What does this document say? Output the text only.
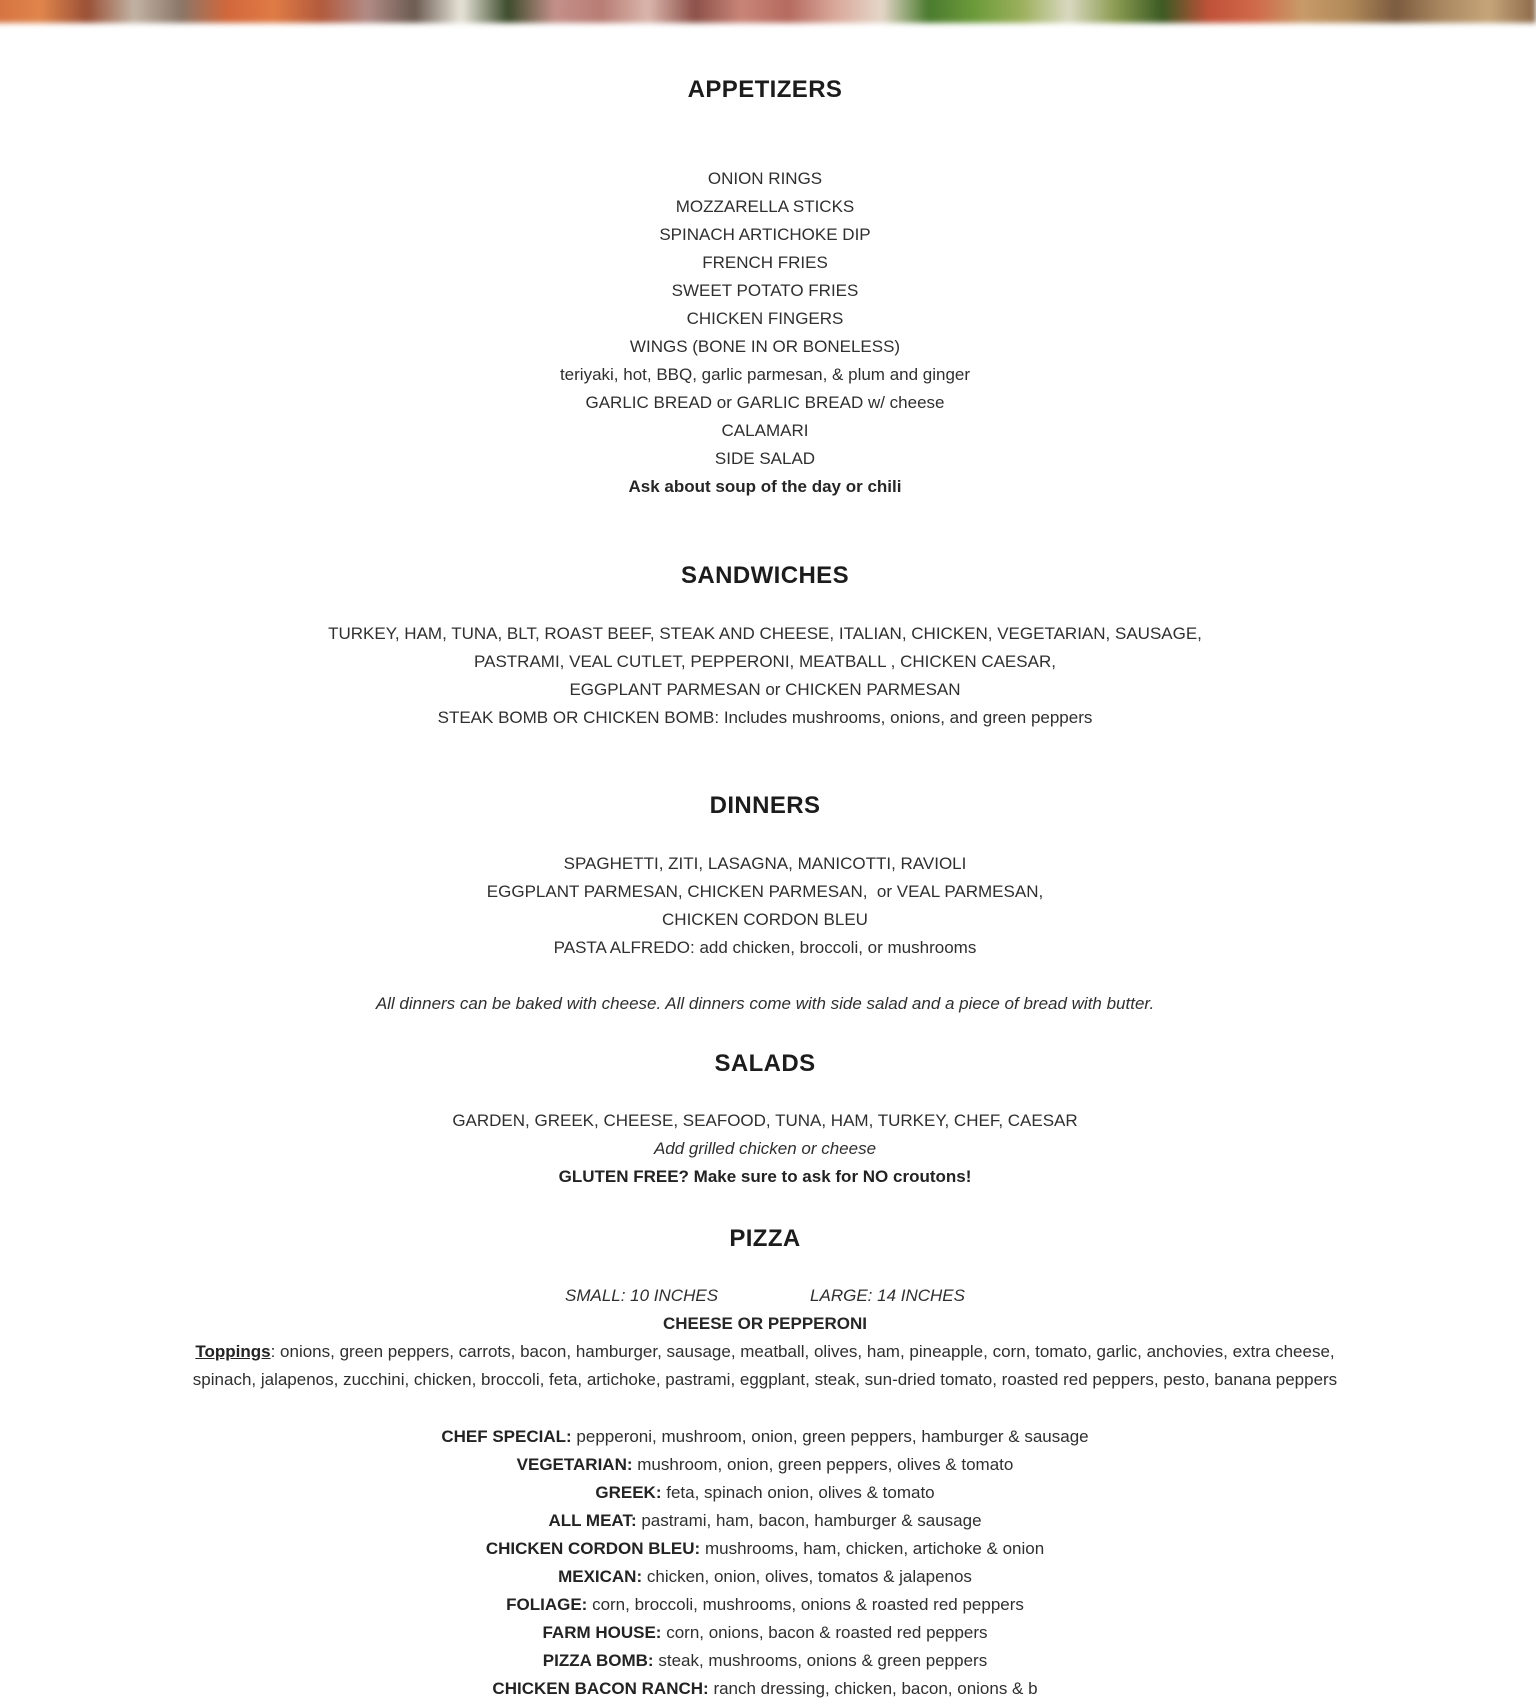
APPETIZERS

ONION RINGS

MOZZARELLA STICKS

SPINACH ARTICHOKE DIP

FRENCH FRIES

SWEET POTATO FRIES

CHICKEN FINGERS

WINGS (BONE IN OR BONELESS)

teriyaki, hot, BBQ, garlic parmesan, & plum and ginger

GARLIC BREAD or GARLIC BREAD w/ cheese

CALAMARI

SIDE SALAD

Ask about soup of the day or chili

SANDWICHES

TURKEY, HAM, TUNA, BLT, ROAST BEEF, STEAK AND CHEESE, ITALIAN, CHICKEN, VEGETARIAN, SAUSAGE,

PASTRAMI, VEAL CUTLET, PEPPERONI, MEATBALL , CHICKEN CAESAR,

EGGPLANT PARMESAN or CHICKEN PARMESAN

STEAK BOMB OR CHICKEN BOMB: Includes mushrooms, onions, and green peppers

DINNERS

SPAGHETTI, ZITI, LASAGNA, MANICOTTI, RAVIOLI

EGGPLANT PARMESAN, CHICKEN PARMESAN,  or VEAL PARMESAN,

CHICKEN CORDON BLEU

PASTA ALFREDO: add chicken, broccoli, or mushrooms

All dinners can be baked with cheese. All dinners come with side salad and a piece of bread with butter.

SALADS

GARDEN, GREEK, CHEESE, SEAFOOD, TUNA, HAM, TURKEY, CHEF, CAESAR

Add grilled chicken or cheese

GLUTEN FREE? Make sure to ask for NO croutons!

PIZZA

SMALL: 10 INCHES	LARGE: 14 INCHES

CHEESE OR PEPPERONI

Toppings: onions, green peppers, carrots, bacon, hamburger, sausage, meatball, olives, ham, pineapple, corn, tomato, garlic, anchovies, extra cheese,
spinach, jalapenos, zucchini, chicken, broccoli, feta, artichoke, pastrami, eggplant, steak, sun-dried tomato, roasted red peppers, pesto, banana peppers

CHEF SPECIAL: pepperoni, mushroom, onion, green peppers, hamburger & sausage

VEGETARIAN: mushroom, onion, green peppers, olives & tomato

GREEK: feta, spinach onion, olives & tomato

ALL MEAT: pastrami, ham, bacon, hamburger & sausage

CHICKEN CORDON BLEU: mushrooms, ham, chicken, artichoke & onion

MEXICAN: chicken, onion, olives, tomatos & jalapenos

FOLIAGE: corn, broccoli, mushrooms, onions & roasted red peppers

FARM HOUSE: corn, onions, bacon & roasted red peppers

PIZZA BOMB: steak, mushrooms, onions & green peppers

CHICKEN BACON RANCH: ranch dressing, chicken, bacon, onions & b
